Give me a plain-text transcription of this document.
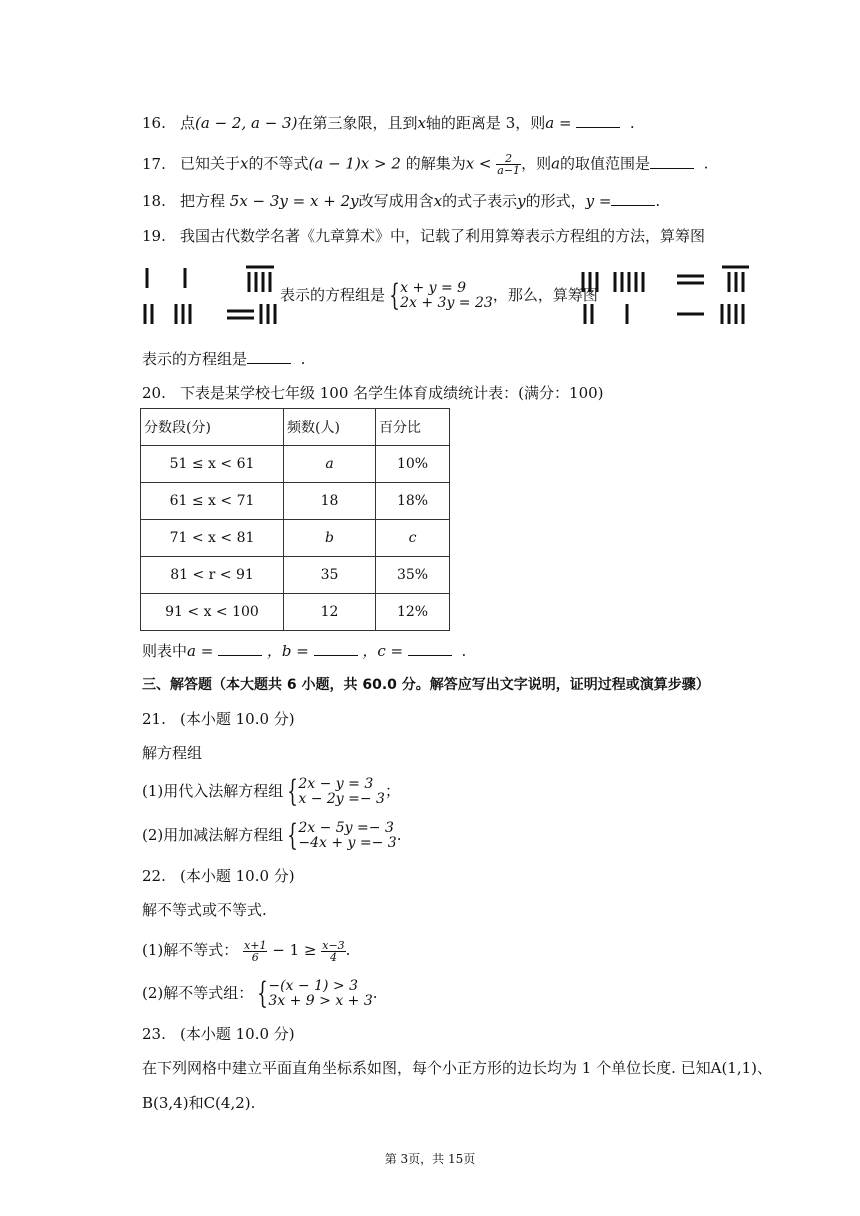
16. 点(a − 2, a − 3)在第三象限，且到x轴的距离是 3，则a =	.
17. 已知关于x的不等式(a − 1)x > 2 的解集为$x < \frac{2}{a-1}$ ，则a的取值范围是	.
18. 把方程 5x − 3y = x + 2y改写成用含x的式子表示y的形式，y =	.
19. 我国古代数学名著《九章算术》中，记载了利用算筹表示方程组的方法，算筹图
表示的方程组是 { x + y = 9
2x + 3y = 23 ，那么，算筹图
表示的方程组是	.
20. 下表是某学校七年级 100 名学生体育成绩统计表：(满分：100)
分数段(分)	频数(人)	百分比
51 ≤ x < 61	a	10%
61 ≤ x < 71	18	18%
71 < x < 81	b	c
81 < r < 91	35	35%
91 < x < 100	12	12%
则表中a =	，b =	，c =	.
三、解答题（本大题共 6 小题，共 60.0 分。解答应写出文字说明，证明过程或演算步骤）
21. (本小题 10.0 分)
解方程组
(1)用代入法解方程组 { 2x − y = 3
x − 2y =− 3 ；
(2)用加减法解方程组 { 2x − 5y =− 3
−4x + y =− 3 .
22. (本小题 10.0 分)
解不等式或不等式.
(1)解不等式： $\frac{x+1}{6} - 1 \ge \frac{x-3}{4}$ .
(2)解不等式组： { −(x − 1) > 3
3x + 9 > x + 3 .
23. (本小题 10.0 分)
在下列网格中建立平面直角坐标系如图，每个小正方形的边长均为 1 个单位长度. 已知A(1,1)、
B(3,4)和C(4,2).
第 3页，共 15页
